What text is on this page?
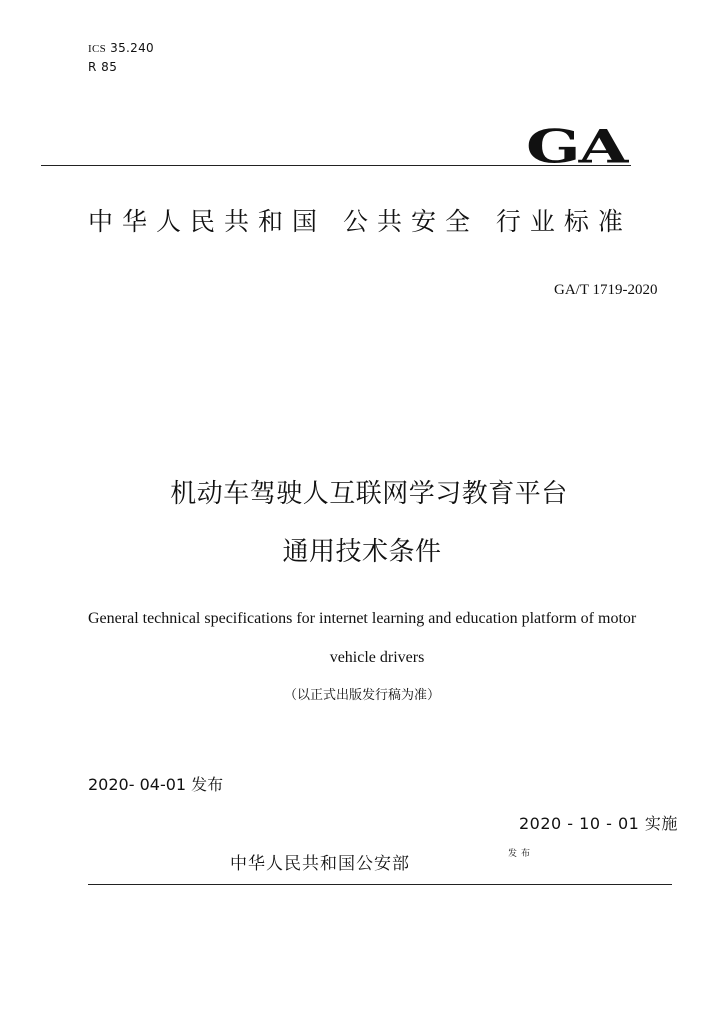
ICS 35.240
R 85
GA
中华人民共和国 公共安全 行业标准
GA/T 1719-2020
机动车驾驶人互联网学习教育平台
通用技术条件
General technical specifications for internet learning and education platform of motor
vehicle drivers
（以正式出版发行稿为准）
2020- 04-01 发布
2020 - 10 - 01 实施
中华人民共和国公安部	发布
